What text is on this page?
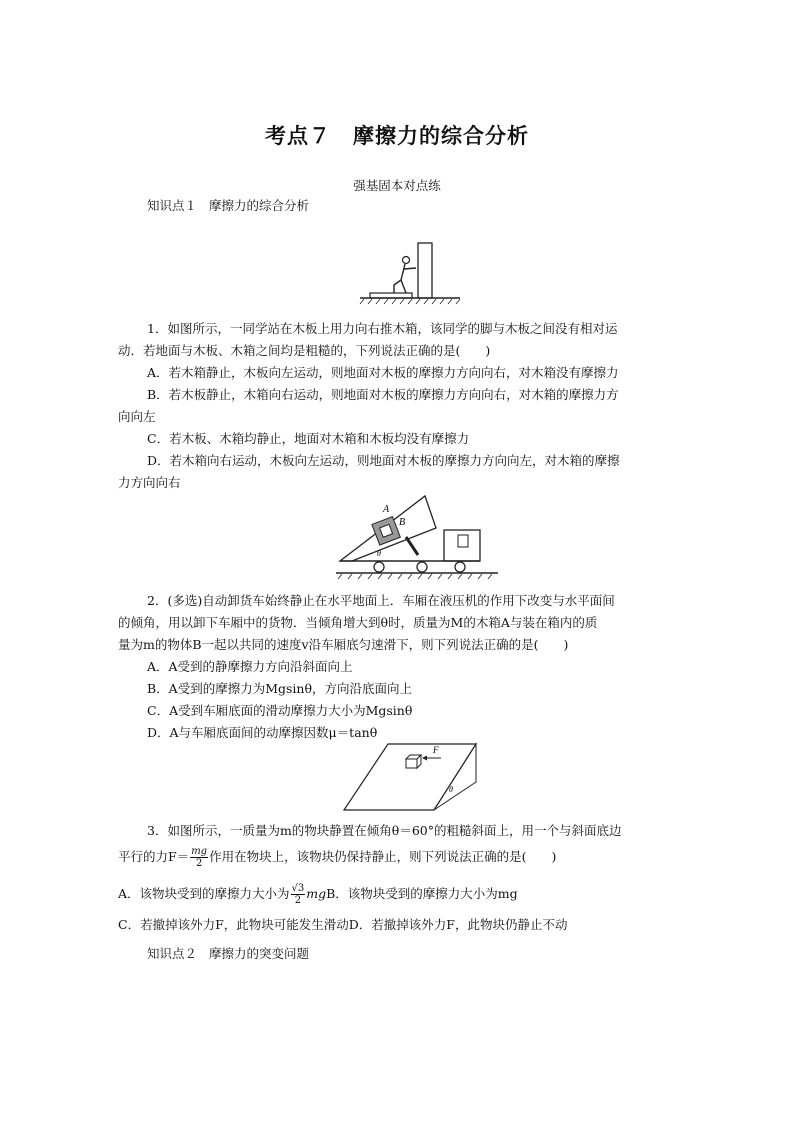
考点７　摩擦力的综合分析
强基固本对点练
知识点１ 摩擦力的综合分析

1．如图所示，一同学站在木板上用力向右推木箱，该同学的脚与木板之间没有相对运

动．若地面与木板、木箱之间均是粗糙的，下列说法正确的是(　　)

A．若木箱静止，木板向左运动，则地面对木板的摩擦力方向向右，对木箱没有摩擦力

B．若木板静止，木箱向右运动，则地面对木板的摩擦力方向向右，对木箱的摩擦力方

向向左

C．若木板、木箱均静止，地面对木箱和木板均没有摩擦力

D．若木箱向右运动，木板向左运动，则地面对木板的摩擦力方向向左，对木箱的摩擦

力方向向右

A
B
θ

2．(多选)自动卸货车始终静止在水平地面上．车厢在液压机的作用下改变与水平面间

的倾角，用以卸下车厢中的货物．当倾角增大到θ时，质量为M的木箱A与装在箱内的质

量为m的物体B一起以共同的速度v沿车厢底匀速滑下，则下列说法正确的是(　　)

A．A受到的静摩擦力方向沿斜面向上

B．A受到的摩擦力为Mgsinθ，方向沿底面向上

C．A受到车厢底面的滑动摩擦力大小为Mgsinθ

D．A与车厢底面间的动摩擦因数μ＝tanθ

F
θ

3．如图所示，一质量为m的物块静置在倾角θ＝60°的粗糙斜面上，用一个与斜面底边

平行的力$F= \frac{mg}{2}$ 作用在物块上，该物块仍保持静止，则下列说法正确的是(　　)

A．该物块受到的摩擦力大小为 $\frac{√3}{2}$ mg B．该物块受到的摩擦力大小为mg
C．若撤掉该外力F，此物块可能发生滑动 D．若撤掉该外力F，此物块仍静止不动
知识点２ 摩擦力的突变问题
